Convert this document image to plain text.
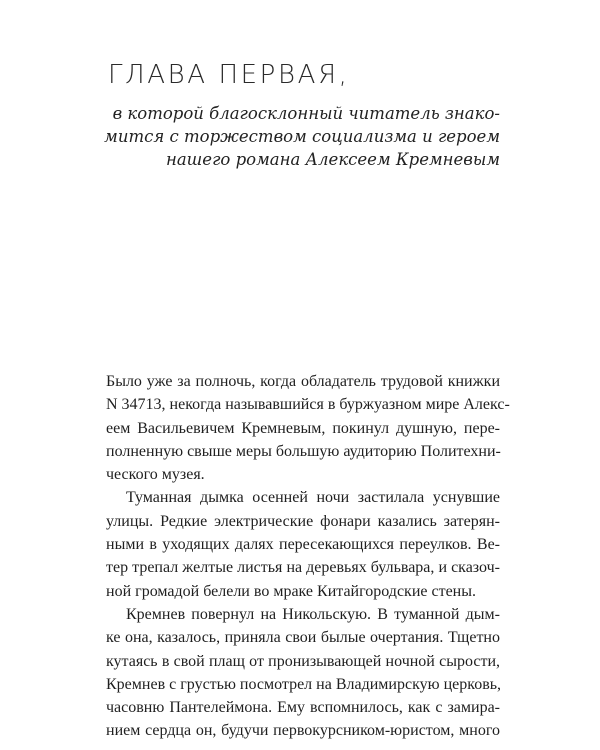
ГЛАВА ПЕРВАЯ,
в которой благосклонный читатель знако-
мится с торжеством социализма и героем
нашего романа Алексеем Кремневым
Было уже за полночь, когда обладатель трудовой книжки
N 34713, некогда называвшийся в буржуазном мире Алекс-
еем Васильевичем Кремневым, покинул душную, пере-
полненную свыше меры большую аудиторию Политехни-
ческого музея.
Туманная дымка осенней ночи застилала уснувшие
улицы. Редкие электрические фонари казались затерян-
ными в уходящих далях пересекающихся переулков. Ве-
тер трепал желтые листья на деревьях бульвара, и сказоч-
ной громадой белели во мраке Китайгородские стены.
Кремнев повернул на Никольскую. В туманной дым-
ке она, казалось, приняла свои былые очертания. Тщетно
кутаясь в свой плащ от пронизывающей ночной сырости,
Кремнев с грустью посмотрел на Владимирскую церковь,
часовню Пантелеймона. Ему вспомнилось, как с замира-
нием сердца он, будучи первокурсником-юристом, много
